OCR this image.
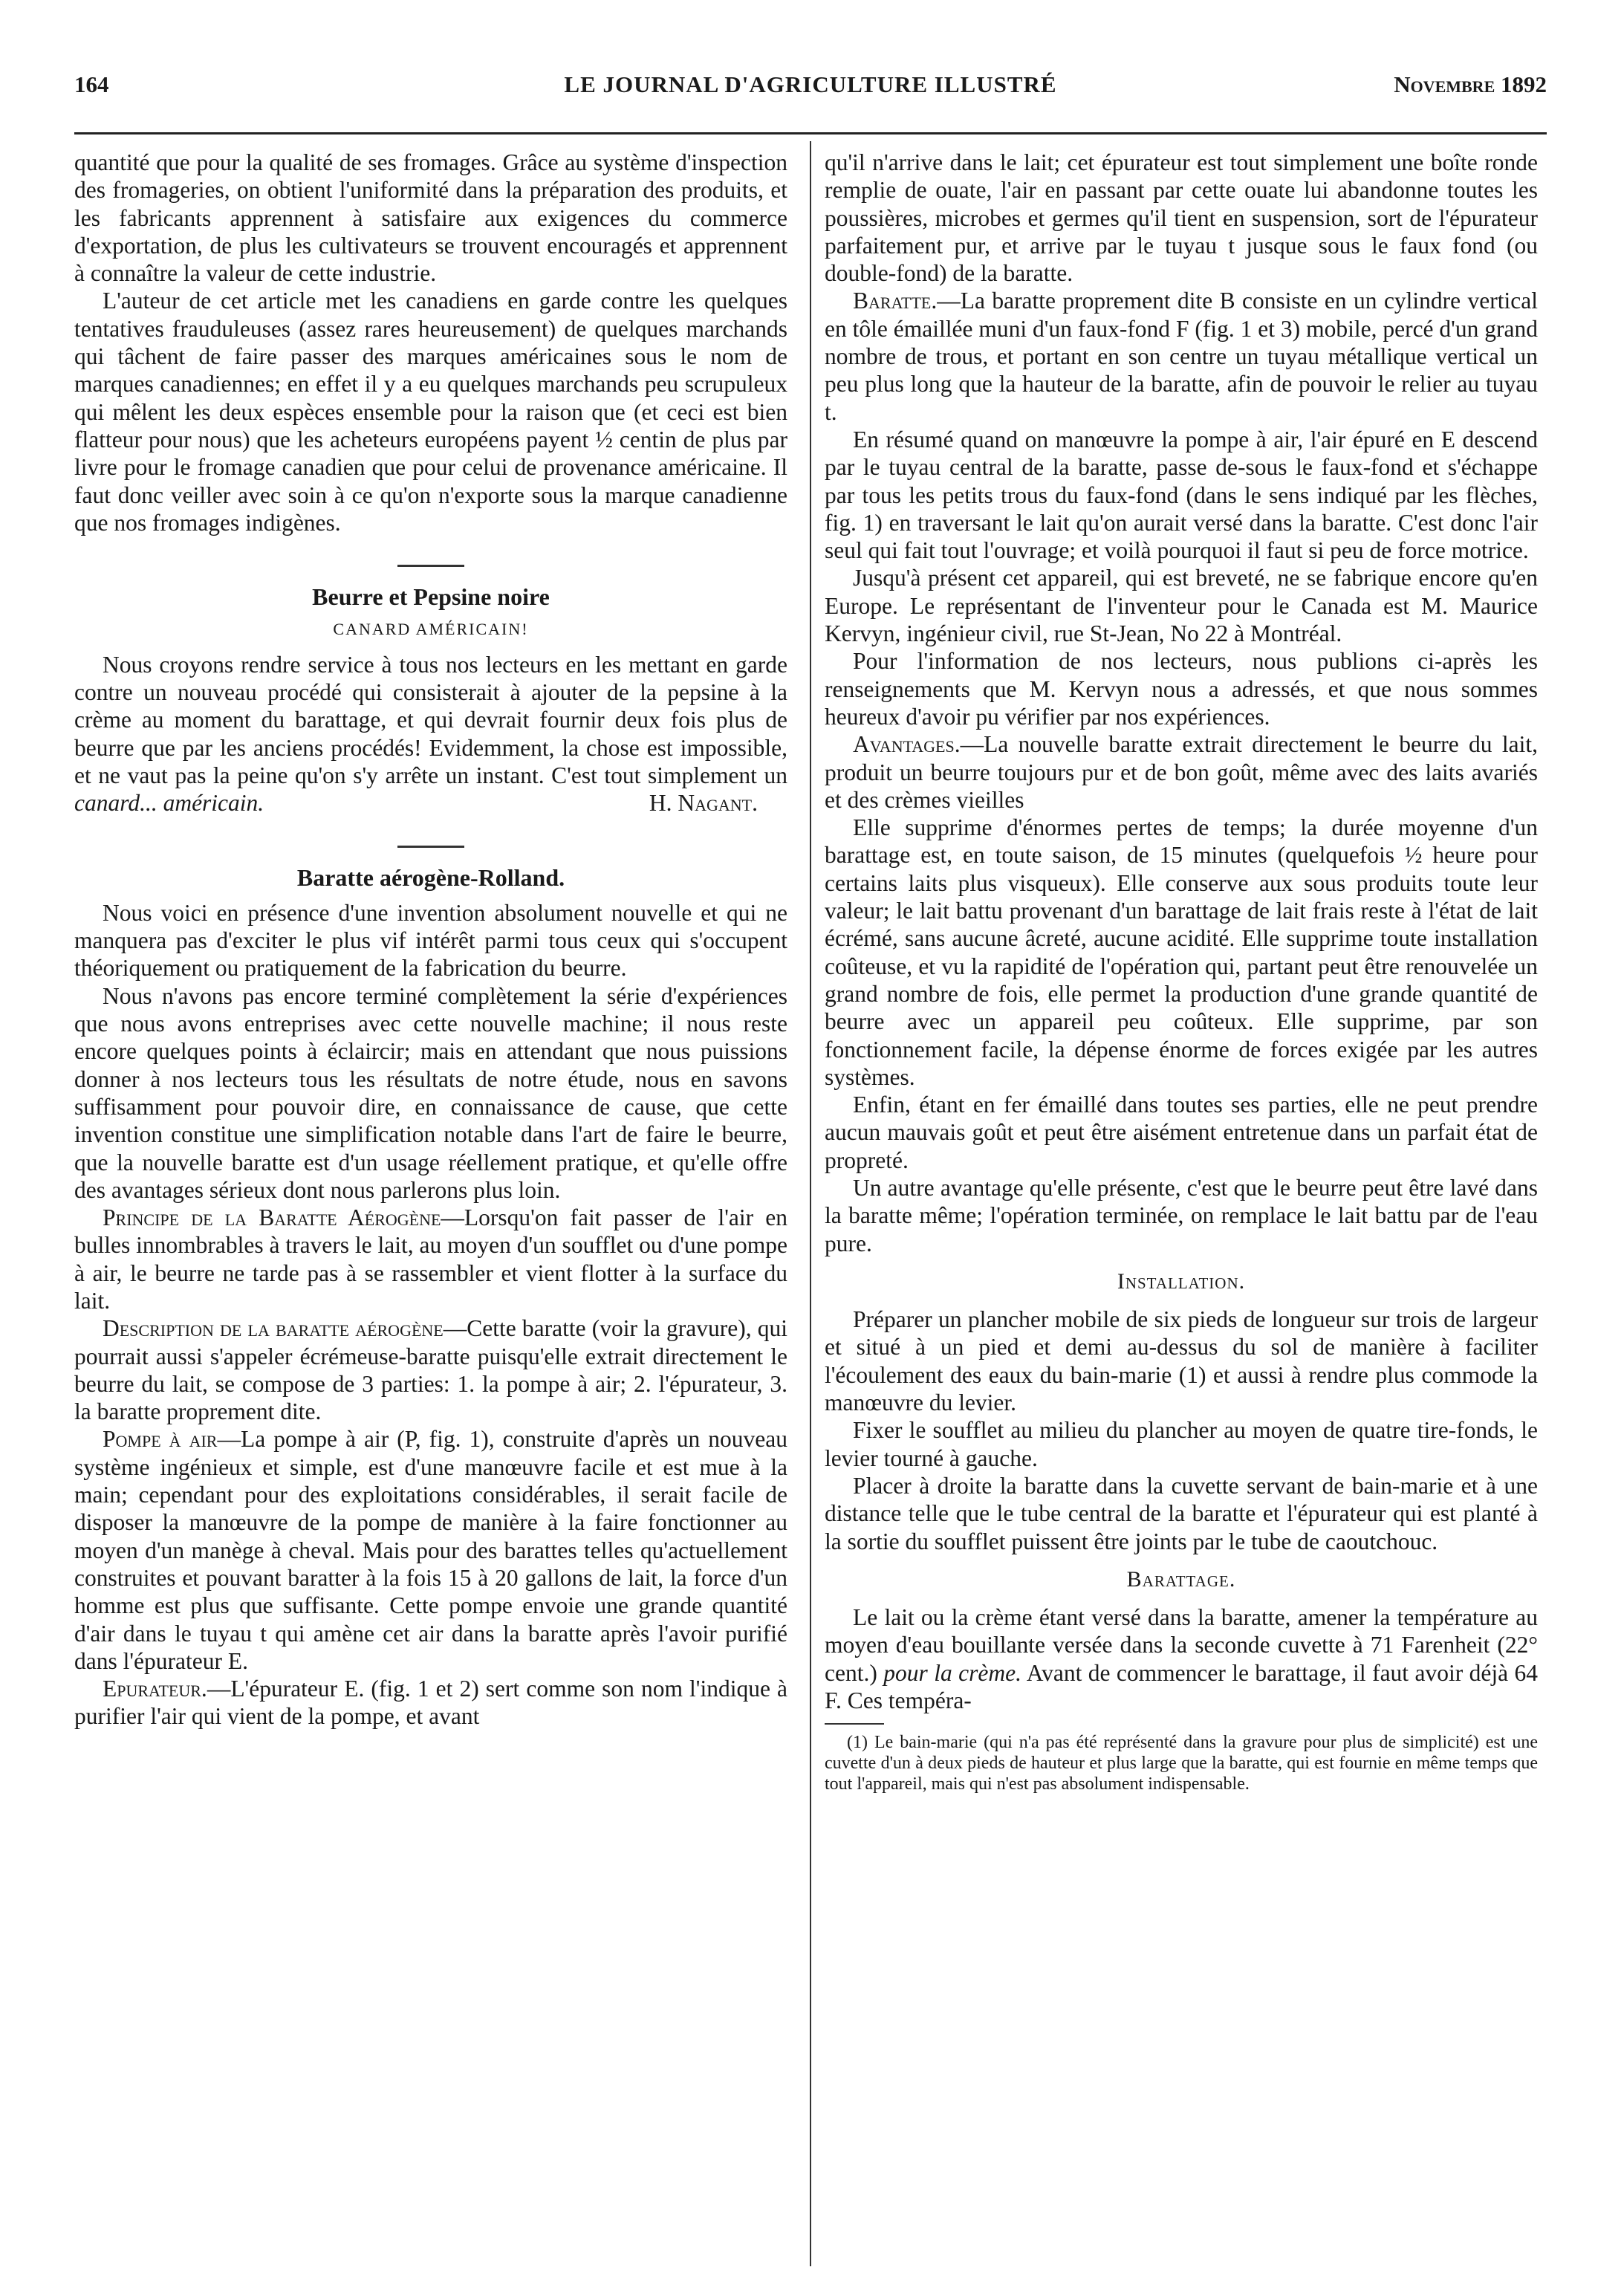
164	LE JOURNAL D'AGRICULTURE ILLUSTRÉ	Novembre 1892

quantité que pour la qualité de ses fromages. Grâce au système d'inspection des fromageries, on obtient l'uniformité dans la préparation des produits, et les fabricants apprennent à satisfaire aux exigences du commerce d'exportation, de plus les cultivateurs se trouvent encouragés et apprennent à connaître la valeur de cette industrie.

L'auteur de cet article met les canadiens en garde contre les quelques tentatives frauduleuses (assez rares heureusement) de quelques marchands qui tâchent de faire passer des marques américaines sous le nom de marques canadiennes; en effet il y a eu quelques marchands peu scrupuleux qui mêlent les deux espèces ensemble pour la raison que (et ceci est bien flatteur pour nous) que les acheteurs européens payent ½ centin de plus par livre pour le fromage canadien que pour celui de provenance américaine. Il faut donc veiller avec soin à ce qu'on n'exporte sous la marque canadienne que nos fromages indigènes.

Beurre et Pepsine noire
CANARD AMÉRICAIN!

Nous croyons rendre service à tous nos lecteurs en les mettant en garde contre un nouveau procédé qui consisterait à ajouter de la pepsine à la crème au moment du barattage, et qui devrait fournir deux fois plus de beurre que par les anciens procédés! Evidemment, la chose est impossible, et ne vaut pas la peine qu'on s'y arrête un instant. C'est tout simplement un canard... américain.	H. Nagant.

Baratte aérogène-Rolland.

Nous voici en présence d'une invention absolument nouvelle et qui ne manquera pas d'exciter le plus vif intérêt parmi tous ceux qui s'occupent théoriquement ou pratiquement de la fabrication du beurre.

Nous n'avons pas encore terminé complètement la série d'expériences que nous avons entreprises avec cette nouvelle machine; il nous reste encore quelques points à éclaircir; mais en attendant que nous puissions donner à nos lecteurs tous les résultats de notre étude, nous en savons suffisamment pour pouvoir dire, en connaissance de cause, que cette invention constitue une simplification notable dans l'art de faire le beurre, que la nouvelle baratte est d'un usage réellement pratique, et qu'elle offre des avantages sérieux dont nous parlerons plus loin.

Principe de la Baratte Aérogène—Lorsqu'on fait passer de l'air en bulles innombrables à travers le lait, au moyen d'un soufflet ou d'une pompe à air, le beurre ne tarde pas à se rassembler et vient flotter à la surface du lait.

Description de la baratte aérogène—Cette baratte (voir la gravure), qui pourrait aussi s'appeler écrémeuse-baratte puisqu'elle extrait directement le beurre du lait, se compose de 3 parties: 1. la pompe à air; 2. l'épurateur, 3. la baratte proprement dite.

Pompe à air—La pompe à air (P, fig. 1), construite d'après un nouveau système ingénieux et simple, est d'une manœuvre facile et est mue à la main; cependant pour des exploitations considérables, il serait facile de disposer la manœuvre de la pompe de manière à la faire fonctionner au moyen d'un manège à cheval. Mais pour des barattes telles qu'actuellement construites et pouvant baratter à la fois 15 à 20 gallons de lait, la force d'un homme est plus que suffisante. Cette pompe envoie une grande quantité d'air dans le tuyau t qui amène cet air dans la baratte après l'avoir purifié dans l'épurateur E.

Epurateur.—L'épurateur E. (fig. 1 et 2) sert comme son nom l'indique à purifier l'air qui vient de la pompe, et avant

qu'il n'arrive dans le lait; cet épurateur est tout simplement une boîte ronde remplie de ouate, l'air en passant par cette ouate lui abandonne toutes les poussières, microbes et germes qu'il tient en suspension, sort de l'épurateur parfaitement pur, et arrive par le tuyau t jusque sous le faux fond (ou double-fond) de la baratte.

Baratte.—La baratte proprement dite B consiste en un cylindre vertical en tôle émaillée muni d'un faux-fond F (fig. 1 et 3) mobile, percé d'un grand nombre de trous, et portant en son centre un tuyau métallique vertical un peu plus long que la hauteur de la baratte, afin de pouvoir le relier au tuyau t.

En résumé quand on manœuvre la pompe à air, l'air épuré en E descend par le tuyau central de la baratte, passe de-sous le faux-fond et s'échappe par tous les petits trous du faux-fond (dans le sens indiqué par les flèches, fig. 1) en traversant le lait qu'on aurait versé dans la baratte. C'est donc l'air seul qui fait tout l'ouvrage; et voilà pourquoi il faut si peu de force motrice.

Jusqu'à présent cet appareil, qui est breveté, ne se fabrique encore qu'en Europe. Le représentant de l'inventeur pour le Canada est M. Maurice Kervyn, ingénieur civil, rue St-Jean, No 22 à Montréal.

Pour l'information de nos lecteurs, nous publions ci-après les renseignements que M. Kervyn nous a adressés, et que nous sommes heureux d'avoir pu vérifier par nos expériences.

Avantages.—La nouvelle baratte extrait directement le beurre du lait, produit un beurre toujours pur et de bon goût, même avec des laits avariés et des crèmes vieilles

Elle supprime d'énormes pertes de temps; la durée moyenne d'un barattage est, en toute saison, de 15 minutes (quelquefois ½ heure pour certains laits plus visqueux). Elle conserve aux sous produits toute leur valeur; le lait battu provenant d'un barattage de lait frais reste à l'état de lait écrémé, sans aucune âcreté, aucune acidité. Elle supprime toute installation coûteuse, et vu la rapidité de l'opération qui, partant peut être renouvelée un grand nombre de fois, elle permet la production d'une grande quantité de beurre avec un appareil peu coûteux. Elle supprime, par son fonctionnement facile, la dépense énorme de forces exigée par les autres systèmes.

Enfin, étant en fer émaillé dans toutes ses parties, elle ne peut prendre aucun mauvais goût et peut être aisément entretenue dans un parfait état de propreté.

Un autre avantage qu'elle présente, c'est que le beurre peut être lavé dans la baratte même; l'opération terminée, on remplace le lait battu par de l'eau pure.

Installation.

Préparer un plancher mobile de six pieds de longueur sur trois de largeur et situé à un pied et demi au-dessus du sol de manière à faciliter l'écoulement des eaux du bain-marie (1) et aussi à rendre plus commode la manœuvre du levier.

Fixer le soufflet au milieu du plancher au moyen de quatre tire-fonds, le levier tourné à gauche.

Placer à droite la baratte dans la cuvette servant de bain-marie et à une distance telle que le tube central de la baratte et l'épurateur qui est planté à la sortie du soufflet puissent être joints par le tube de caoutchouc.

Barattage.

Le lait ou la crème étant versé dans la baratte, amener la température au moyen d'eau bouillante versée dans la seconde cuvette à 71 Farenheit (22° cent.) pour la crème. Avant de commencer le barattage, il faut avoir déjà 64 F. Ces tempéra-

(1) Le bain-marie (qui n'a pas été représenté dans la gravure pour plus de simplicité) est une cuvette d'un à deux pieds de hauteur et plus large que la baratte, qui est fournie en même temps que tout l'appareil, mais qui n'est pas absolument indispensable.
